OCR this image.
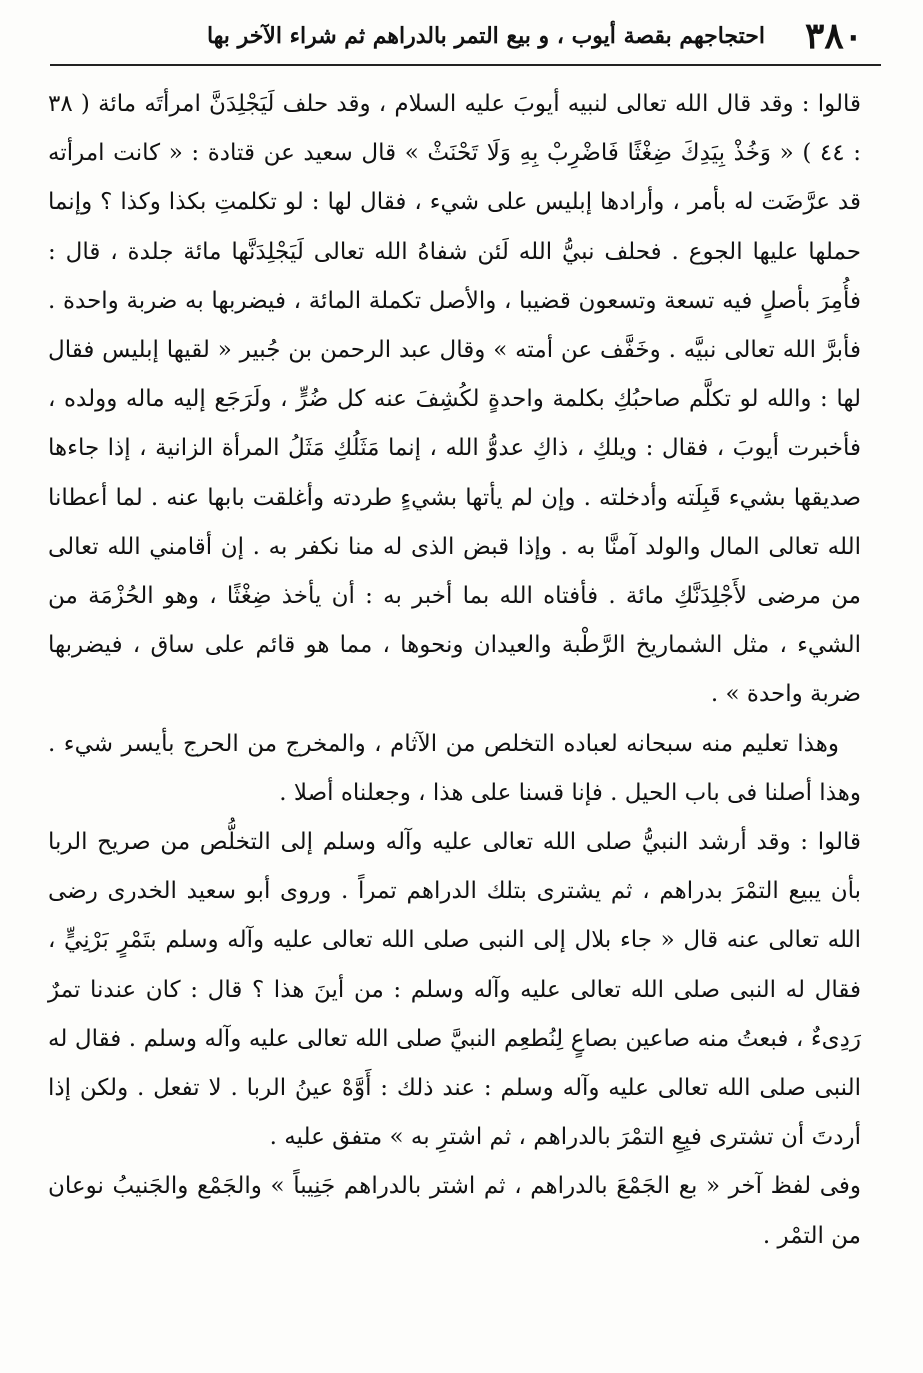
٣٨٠
احتجاجهم بقصة أيوب ، و بيع التمر بالدراهم ثم شراء الآخر بها

قالوا : وقد قال الله تعالى لنبيه أيوبَ عليه السلام ، وقد حلف لَيَجْلِدَنَّ امرأتَه مائة ( ٣٨ : ٤٤ ) « وَخُذْ بِيَدِكَ ضِغْثًا فَاضْرِبْ بِهِ وَلَا تَحْنَثْ » قال سعيد عن قتادة : « كانت امرأته قد عرَّضَت له بأمر ، وأرادها إبليس على شيء ، فقال لها : لو تكلمتِ بكذا وكذا ؟ وإنما حملها عليها الجوع . فحلف نبيُّ الله لَئن شفاهُ الله تعالى لَيَجْلِدَنَّها مائة جلدة ، قال : فأُمِرَ بأصلٍ فيه تسعة وتسعون قضيبا ، والأصل تكملة المائة ، فيضربها به ضربة واحدة . فأبرَّ الله تعالى نبيَّه . وخَفَّف عن أمته » وقال عبد الرحمن بن جُبير « لقيها إبليس فقال لها : والله لو تكلَّم صاحبُكِ بكلمة واحدةٍ لكُشِفَ عنه كل ضُرٍّ ، ولَرَجَع إليه ماله وولده ، فأخبرت أيوبَ ، فقال : ويلكِ ، ذاكِ عدوُّ الله ، إنما مَثَلُكِ مَثَلُ المرأة الزانية ، إذا جاءها صديقها بشيء قَبِلَته وأدخلته . وإن لم يأتها بشيءٍ طردته وأغلقت بابها عنه . لما أعطانا الله تعالى المال والولد آمنَّا به . وإذا قبض الذى له منا نكفر به . إن أقامني الله تعالى من مرضى لأَجْلِدَنَّكِ مائة . فأفتاه الله بما أخبر به : أن يأخذ ضِغْثًا ، وهو الحُزْمَة من الشيء ، مثل الشماريخ الرَّطْبة والعيدان ونحوها ، مما هو قائم على ساق ، فيضربها ضربة واحدة » .

وهذا تعليم منه سبحانه لعباده التخلص من الآثام ، والمخرج من الحرج بأيسر شيء . وهذا أصلنا فى باب الحيل . فإنا قسنا على هذا ، وجعلناه أصلا .

قالوا : وقد أرشد النبيُّ صلى الله تعالى عليه وآله وسلم إلى التخلُّص من صريح الربا بأن يبيع التمْرَ بدراهم ، ثم يشترى بتلك الدراهم تمراً . وروى أبو سعيد الخدرى رضى الله تعالى عنه قال « جاء بلال إلى النبى صلى الله تعالى عليه وآله وسلم بتَمْرٍ بَرْنِيٍّ ، فقال له النبى صلى الله تعالى عليه وآله وسلم : من أينَ هذا ؟ قال : كان عندنا تمرٌ رَدِىءٌ ، فبعتُ منه صاعين بصاعٍ لِنُطعِم النبيَّ صلى الله تعالى عليه وآله وسلم . فقال له النبى صلى الله تعالى عليه وآله وسلم : عند ذلك : أَوَّهْ عينُ الربا . لا تفعل . ولكن إذا أردتَ أن تشترى فبِعِ التمْرَ بالدراهم ، ثم اشترِ به » متفق عليه .

وفى لفظ آخر « بع الجَمْعَ بالدراهم ، ثم اشتر بالدراهم جَنِيباً » والجَمْع والجَنيبُ نوعان من التمْر .
